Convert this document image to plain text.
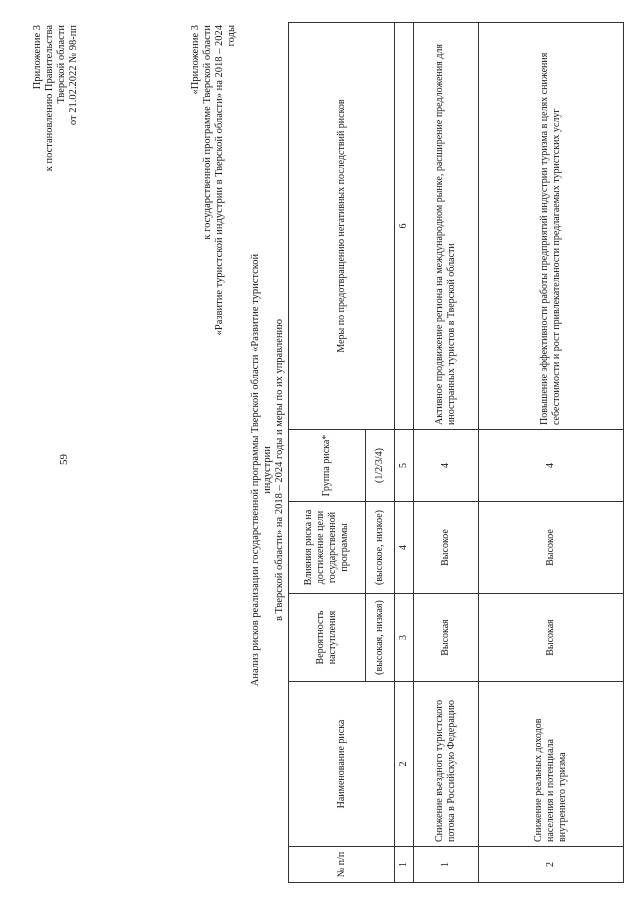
59
Приложение 3 к постановлению Правительства Тверской области от 21.02.2022 № 98-пп	«Приложение 3 к государственной программе Тверской области «Развитие туристской индустрии в Тверской области» на 2018 – 2024 годы
Анализ рисков реализации государственной программы Тверской области «Развитие туристской индустрии в Тверской области» на 2018 – 2024 годы и меры по их управлению
№ п/п	Наименование риска	Вероятность наступления	Влияния риска на достижение цели государственной программы	Группа риска*	Меры по предотвращению негативных последствий рисков
		(высокая, низкая)	(высокое, низкое)	(1/2/3/4)	
1	2	3	4	5	6
1	Снижение въездного туристского потока в Российскую Федерацию	Высокая	Высокое	4	Активное продвижение региона на международном рынке, расширение предложения для иностранных туристов в Тверской области
2	Снижение реальных доходов населения и потенциала внутреннего туризма	Высокая	Высокое	4	Повышение эффективности работы предприятий индустрии туризма в целях снижения себестоимости и рост привлекательности предлагаемых туристских услуг
